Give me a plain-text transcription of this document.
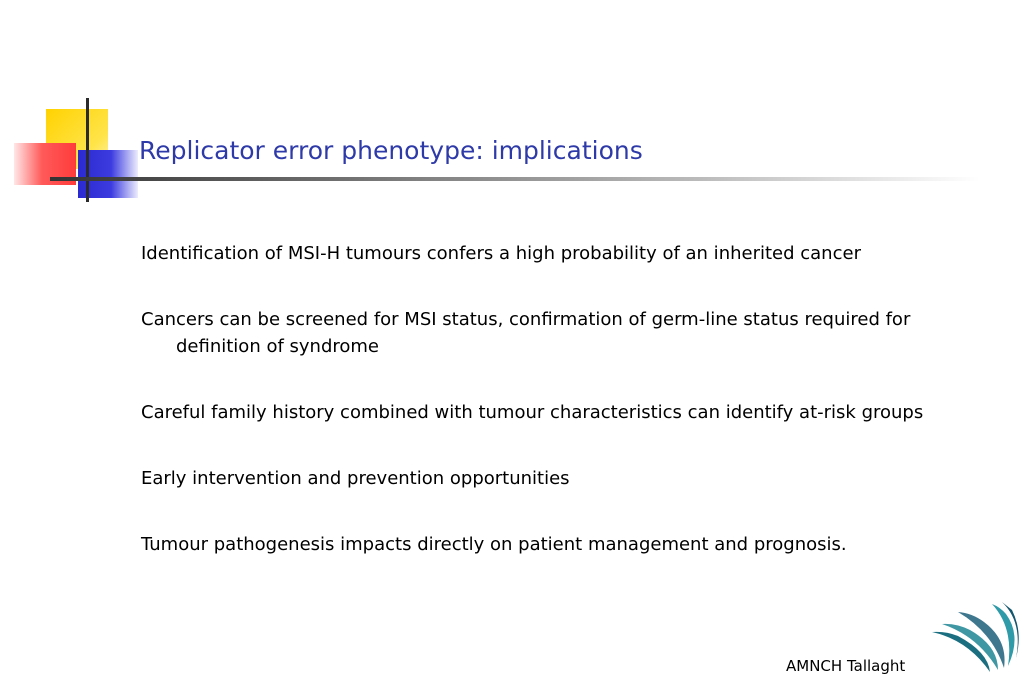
Replicator error phenotype: implications
Identification of MSI-H tumours confers a high probability of an inherited cancer
Cancers can be screened for MSI status, confirmation of germ-line status required for definition of syndrome
Careful family history combined with tumour characteristics can identify at-risk groups
Early intervention and prevention opportunities
Tumour pathogenesis impacts directly on patient management and prognosis.
AMNCH Tallaght
